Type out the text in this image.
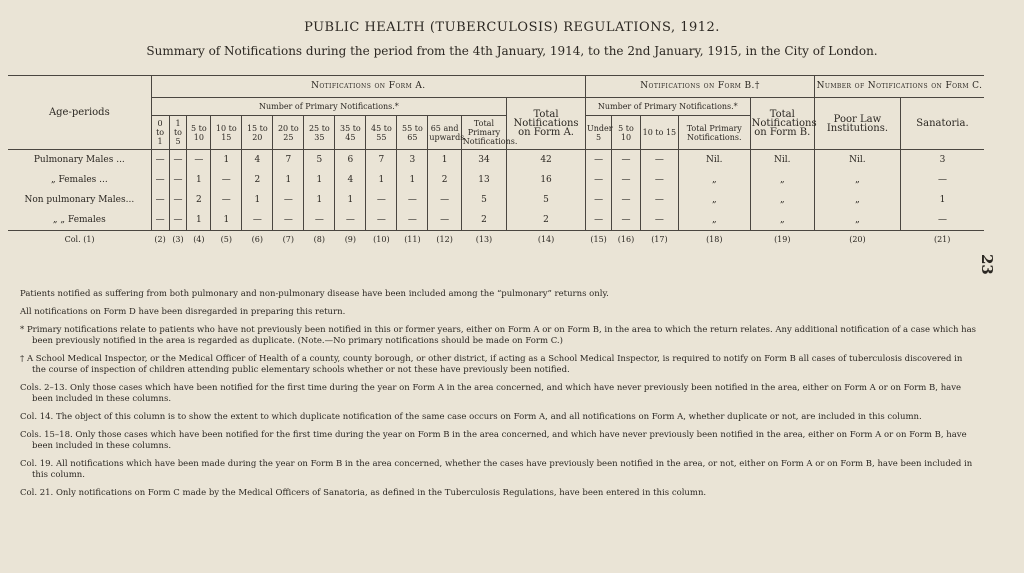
PUBLIC HEALTH (TUBERCULOSIS) REGULATIONS, 1912.
Summary of Notifications during the period from the 4th January, 1914, to the 2nd January, 1915, in the City of London.
23
Age-periods	Notifications on Form A.													Notifications on Form B.†					Number of Notifications on Form C.	
	Number of Primary Notifications.*												Total Notifications on Form A.	Number of Primary Notifications.*				Total Notifications on Form B.	Poor Law Institutions.	Sanatoria.
	0 to 1	1 to 5	5 to 10	10 to 15	15 to 20	20 to 25	25 to 35	35 to 45	45 to 55	55 to 65	65 and upwards	Total Primary Notifications.		Under 5	5 to 10	10 to 15	Total Primary Notifications.			
Pulmonary Males ...	—	—	—	1	4	7	5	6	7	3	1	34	42	—	—	—	Nil.	Nil.	Nil.	3
„ Females ...	—	—	1	—	2	1	1	4	1	1	2	13	16	—	—	—	„	„	„	—
Non pulmonary Males...	—	—	2	—	1	—	1	1	—	—	—	5	5	—	—	—	„	„	„	1
„ „ Females	—	—	1	1	—	—	—	—	—	—	—	2	2	—	—	—	„	„	„	—
Col. (1)	(2)	(3)	(4)	(5)	(6)	(7)	(8)	(9)	(10)	(11)	(12)	(13)	(14)	(15)	(16)	(17)	(18)	(19)	(20)	(21)

Patients notified as suffering from both pulmonary and non-pulmonary disease have been included among the “pulmonary” returns only.

All notifications on Form D have been disregarded in preparing this return.

* Primary notifications relate to patients who have not previously been notified in this or former years, either on Form A or on Form B, in the area to which the return relates. Any additional notification of a case which has been previously notified in the area is regarded as duplicate. (Note.—No primary notifications should be made on Form C.)

† A School Medical Inspector, or the Medical Officer of Health of a county, county borough, or other district, if acting as a School Medical Inspector, is required to notify on Form B all cases of tuberculosis discovered in the course of inspection of children attending public elementary schools whether or not these have previously been notified.

Cols. 2–13. Only those cases which have been notified for the first time during the year on Form A in the area concerned, and which have never previously been notified in the area, either on Form A or on Form B, have been included in these columns.

Col. 14. The object of this column is to show the extent to which duplicate notification of the same case occurs on Form A, and all notifications on Form A, whether duplicate or not, are included in this column.

Cols. 15–18. Only those cases which have been notified for the first time during the year on Form B in the area concerned, and which have never previously been notified in the area, either on Form A or on Form B, have been included in these columns.

Col. 19. All notifications which have been made during the year on Form B in the area concerned, whether the cases have previously been notified in the area, or not, either on Form A or on Form B, have been included in this column.

Col. 21. Only notifications on Form C made by the Medical Officers of Sanatoria, as defined in the Tuberculosis Regulations, have been entered in this column.
